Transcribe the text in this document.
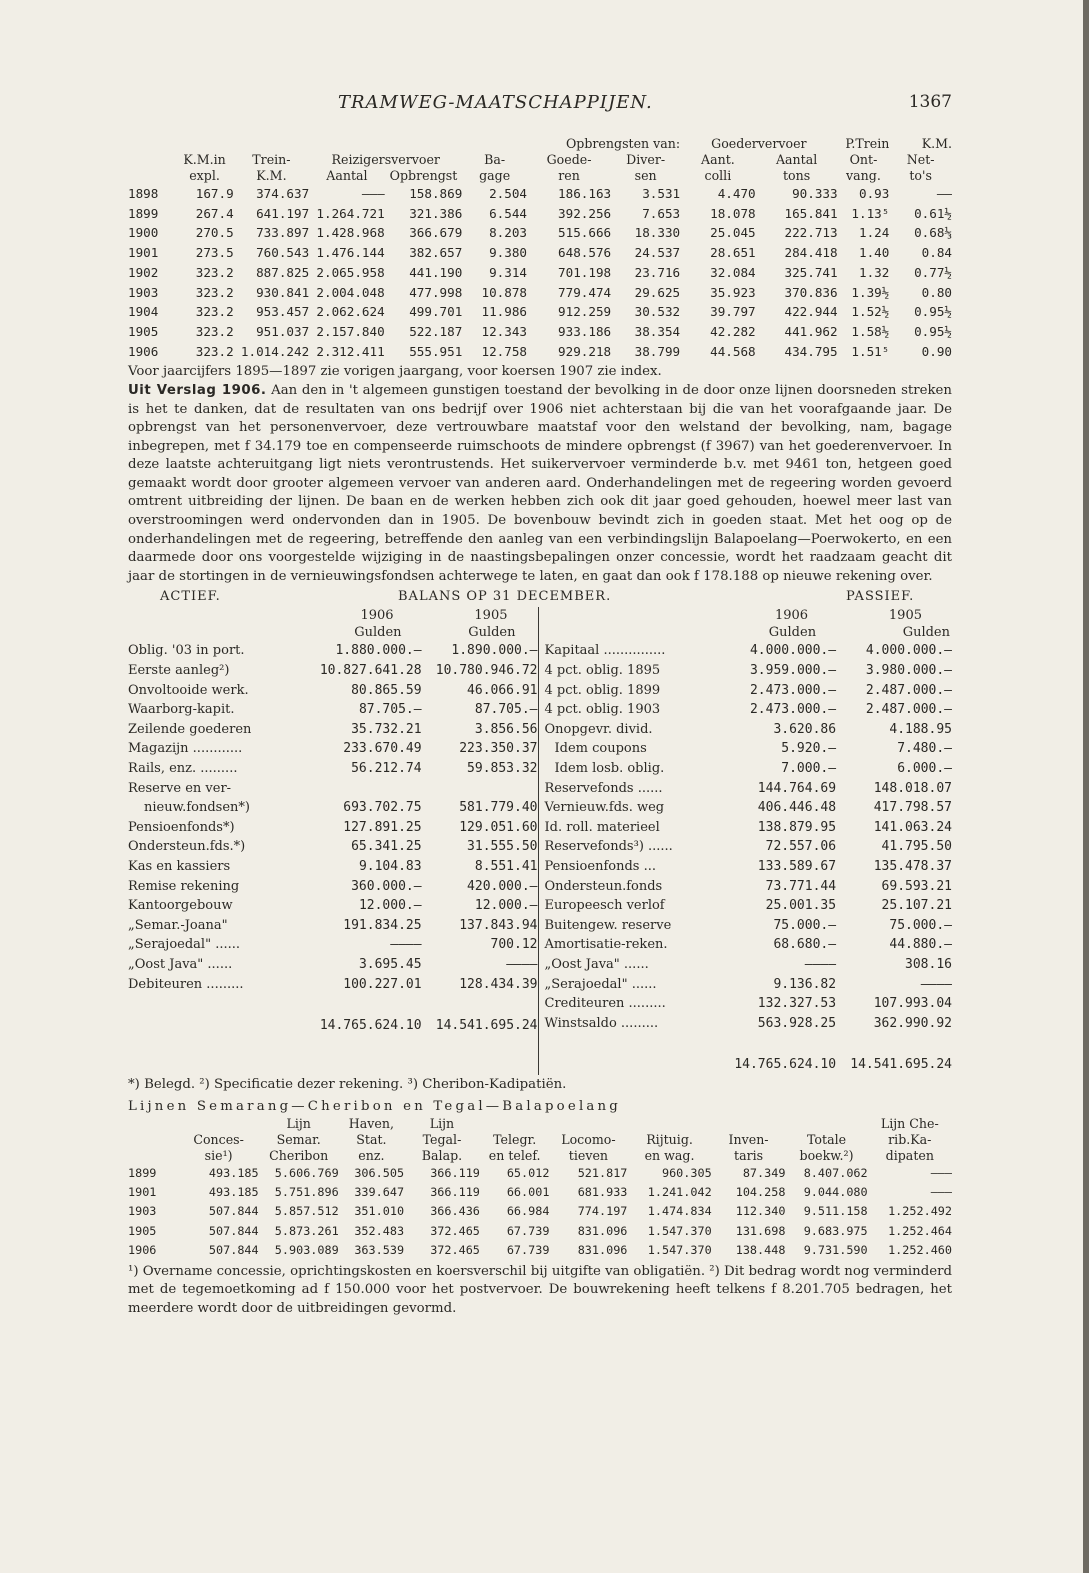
TRAMWEG-MAATSCHAPPIJEN.	1367
					Opbrengsten van:			Goedervervoer		P.Trein	K.M.
	K.M.in	Trein-	Reizigersvervoer		Ba-	Goede-	Diver-	Aant.	Aantal	Ont-	Net-
	expl.	K.M.	Aantal	Opbrengst	gage	ren	sen	colli	tons	vang.	to's
1898	167.9	374.637	———	158.869	2.504	186.163	3.531	4.470	90.333	0.93	——
1899	267.4	641.197	1.264.721	321.386	6.544	392.256	7.653	18.078	165.841	1.13⁵	0.61½
1900	270.5	733.897	1.428.968	366.679	8.203	515.666	18.330	25.045	222.713	1.24	0.68⅓
1901	273.5	760.543	1.476.144	382.657	9.380	648.576	24.537	28.651	284.418	1.40	0.84
1902	323.2	887.825	2.065.958	441.190	9.314	701.198	23.716	32.084	325.741	1.32	0.77½
1903	323.2	930.841	2.004.048	477.998	10.878	779.474	29.625	35.923	370.836	1.39½	0.80
1904	323.2	953.457	2.062.624	499.701	11.986	912.259	30.532	39.797	422.944	1.52½	0.95½
1905	323.2	951.037	2.157.840	522.187	12.343	933.186	38.354	42.282	441.962	1.58½	0.95½
1906	323.2	1.014.242	2.312.411	555.951	12.758	929.218	38.799	44.568	434.795	1.51⁵	0.90

Voor jaarcijfers 1895—1897 zie vorigen jaargang, voor koersen 1907 zie index.

Uit Verslag 1906. Aan den in 't algemeen gunstigen toestand der bevolking in de door onze lijnen doorsneden streken is het te danken, dat de resultaten van ons bedrijf over 1906 niet achterstaan bij die van het voorafgaande jaar. De opbrengst van het personenvervoer, deze vertrouwbare maatstaf voor den welstand der bevolking, nam, bagage inbegrepen, met f 34.179 toe en compenseerde ruimschoots de mindere opbrengst (f 3967) van het goederenvervoer. In deze laatste achteruitgang ligt niets verontrustends. Het suikervervoer verminderde b.v. met 9461 ton, hetgeen goed gemaakt wordt door grooter algemeen vervoer van anderen aard. Onderhandelingen met de regeering worden gevoerd omtrent uitbreiding der lijnen. De baan en de werken hebben zich ook dit jaar goed gehouden, hoewel meer last van overstroomingen werd ondervonden dan in 1905. De bovenbouw bevindt zich in goeden staat. Met het oog op de onderhandelingen met de regeering, betreffende den aanleg van een verbindingslijn Balapoelang—Poerwokerto, en een daarmede door ons voorgestelde wijziging in de naastingsbepalingen onzer concessie, wordt het raadzaam geacht dit jaar de stortingen in de vernieuwingsfondsen achterwege te laten, en gaat dan ook f 178.188 op nieuwe rekening over.

ACTIEF.	BALANS OP 31 DECEMBER.	PASSIEF.
	1906	1905
	Gulden	Gulden
Oblig. '03 in port.	1.880.000.—	1.890.000.—
Eerste aanleg²)	10.827.641.28	10.780.946.72
Onvoltooide werk.	80.865.59	46.066.91
Waarborg-kapit.	87.705.—	87.705.—
Zeilende goederen	35.732.21	3.856.56
Magazijn ............	233.670.49	223.350.37
Rails, enz. .........	56.212.74	59.853.32
Reserve en ver-		
nieuw.fondsen*)	693.702.75	581.779.40
Pensioenfonds*)	127.891.25	129.051.60
Ondersteun.fds.*)	65.341.25	31.555.50
Kas en kassiers	9.104.83	8.551.41
Remise rekening	360.000.—	420.000.—
Kantoorgebouw	12.000.—	12.000.—
„Semar.-Joana"	191.834.25	137.843.94
„Serajoedal" ......	————	700.12
„Oost Java" ......	3.695.45	————
Debiteuren .........	100.227.01	128.434.39
	14.765.624.10	14.541.695.24
	1906	1905
	Gulden	Gulden
Kapitaal ...............	4.000.000.—	4.000.000.—
4 pct. oblig. 1895	3.959.000.—	3.980.000.—
4 pct. oblig. 1899	2.473.000.—	2.487.000.—
4 pct. oblig. 1903	2.473.000.—	2.487.000.—
Onopgevr. divid.	3.620.86	4.188.95
Idem coupons	5.920.—	7.480.—
Idem losb. oblig.	7.000.—	6.000.—
Reservefonds ......	144.764.69	148.018.07
Vernieuw.fds. weg	406.446.48	417.798.57
Id. roll. materieel	138.879.95	141.063.24
Reservefonds³) ......	72.557.06	41.795.50
Pensioenfonds ...	133.589.67	135.478.37
Ondersteun.fonds	73.771.44	69.593.21
Europeesch verlof	25.001.35	25.107.21
Buitengew. reserve	75.000.—	75.000.—
Amortisatie-reken.	68.680.—	44.880.—
„Oost Java" ......	————	308.16
„Serajoedal" ......	9.136.82	————
Crediteuren .........	132.327.53	107.993.04
Winstsaldo .........	563.928.25	362.990.92
	14.765.624.10	14.541.695.24
*) Belegd. ²) Specificatie dezer rekening. ³) Cheribon-Kadipatiën.
Lijnen Semarang—Cheribon en Tegal—Balapoelang
		Lijn	Haven,	Lijn						Lijn Che-
	Conces-	Semar.	Stat.	Tegal-	Telegr.	Locomo-	Rijtuig.	Inven-	Totale	rib.Ka-
	sie¹)	Cheribon	enz.	Balap.	en telef.	tieven	en wag.	taris	boekw.²)	dipaten
1899	493.185	5.606.769	306.505	366.119	65.012	521.817	960.305	87.349	8.407.062	———
1901	493.185	5.751.896	339.647	366.119	66.001	681.933	1.241.042	104.258	9.044.080	———
1903	507.844	5.857.512	351.010	366.436	66.984	774.197	1.474.834	112.340	9.511.158	1.252.492
1905	507.844	5.873.261	352.483	372.465	67.739	831.096	1.547.370	131.698	9.683.975	1.252.464
1906	507.844	5.903.089	363.539	372.465	67.739	831.096	1.547.370	138.448	9.731.590	1.252.460
¹) Overname concessie, oprichtingskosten en koersverschil bij uitgifte van obligatiën. ²) Dit bedrag wordt nog verminderd met de tegemoetkoming ad f 150.000 voor het postvervoer. De bouwrekening heeft telkens f 8.201.705 bedragen, het meerdere wordt door de uitbreidingen gevormd.
